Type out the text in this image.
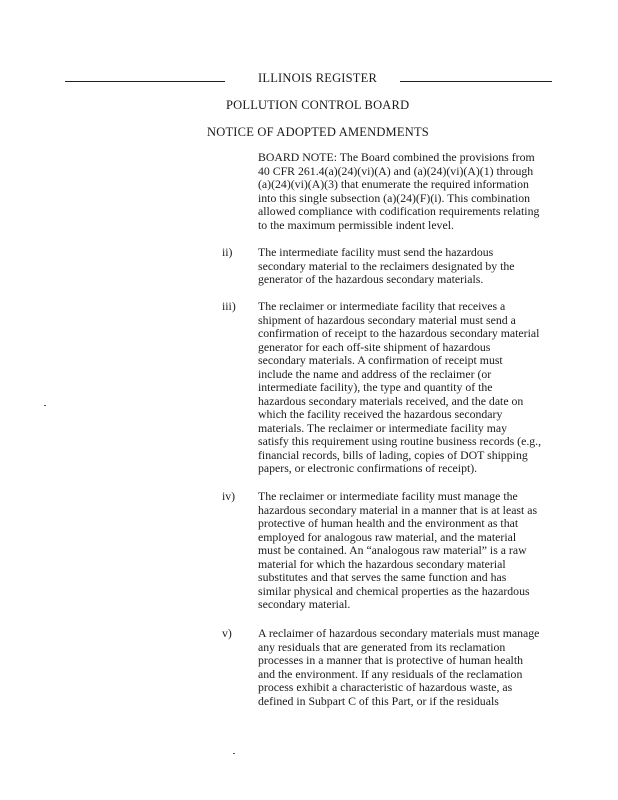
ILLINOIS REGISTER
POLLUTION CONTROL BOARD
NOTICE OF ADOPTED AMENDMENTS
BOARD NOTE: The Board combined the provisions from
40 CFR 261.4(a)(24)(vi)(A) and (a)(24)(vi)(A)(1) through
(a)(24)(vi)(A)(3) that enumerate the required information
into this single subsection (a)(24)(F)(i). This combination
allowed compliance with codification requirements relating
to the maximum permissible indent level.
ii) The intermediate facility must send the hazardous
secondary material to the reclaimers designated by the
generator of the hazardous secondary materials.
iii) The reclaimer or intermediate facility that receives a
shipment of hazardous secondary material must send a
confirmation of receipt to the hazardous secondary material
generator for each off-site shipment of hazardous
secondary materials. A confirmation of receipt must
include the name and address of the reclaimer (or
intermediate facility), the type and quantity of the
hazardous secondary materials received, and the date on
which the facility received the hazardous secondary
materials. The reclaimer or intermediate facility may
satisfy this requirement using routine business records (e.g.,
financial records, bills of lading, copies of DOT shipping
papers, or electronic confirmations of receipt).
iv) The reclaimer or intermediate facility must manage the
hazardous secondary material in a manner that is at least as
protective of human health and the environment as that
employed for analogous raw material, and the material
must be contained. An “analogous raw material” is a raw
material for which the hazardous secondary material
substitutes and that serves the same function and has
similar physical and chemical properties as the hazardous
secondary material.
v) A reclaimer of hazardous secondary materials must manage
any residuals that are generated from its reclamation
processes in a manner that is protective of human health
and the environment. If any residuals of the reclamation
process exhibit a characteristic of hazardous waste, as
defined in Subpart C of this Part, or if the residuals
